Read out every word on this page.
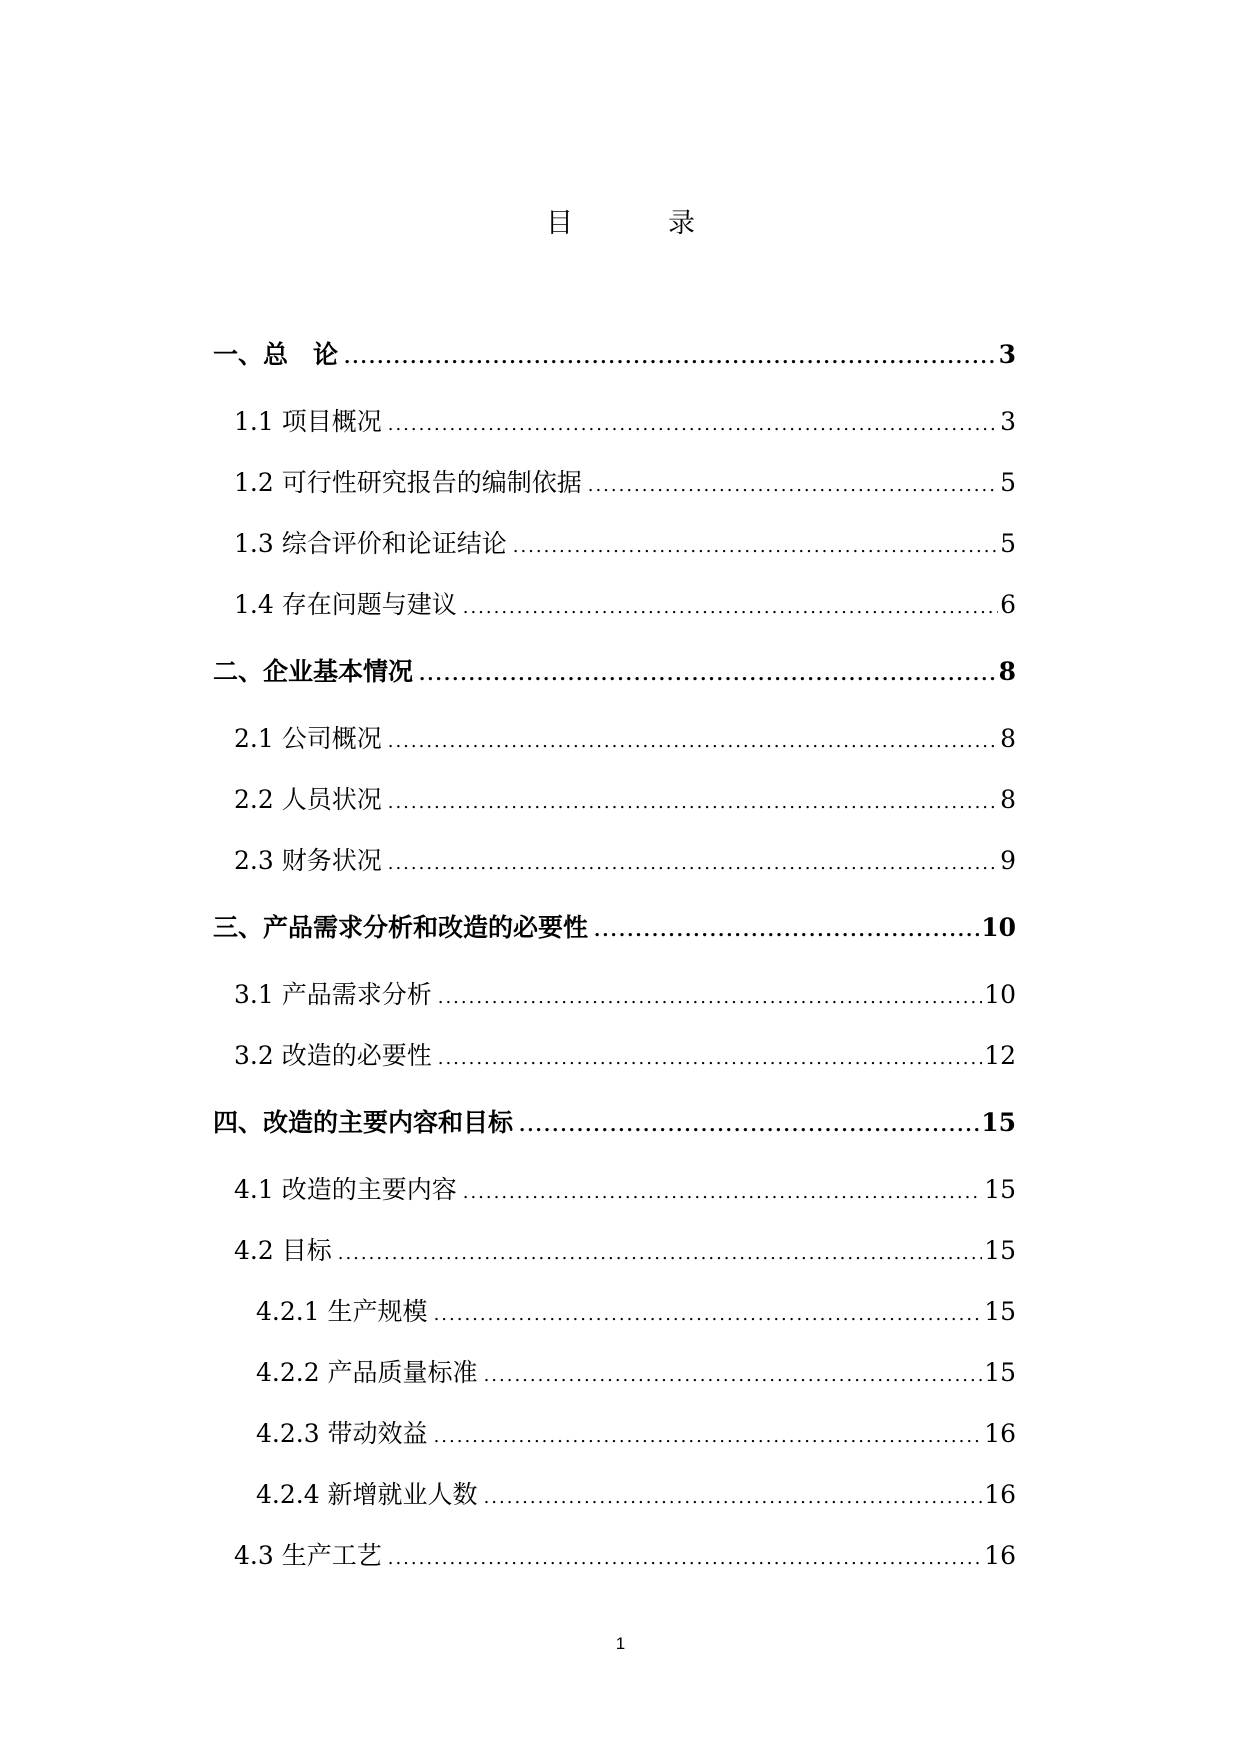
目　录
一、总　论 .....	3
1.1 项目概况 .....	3
1.2 可行性研究报告的编制依据 .....	5
1.3 综合评价和论证结论 .....	5
1.4 存在问题与建议 .....	6
二、企业基本情况 .....	8
2.1 公司概况 .....	8
2.2 人员状况 .....	8
2.3 财务状况 .....	9
三、产品需求分析和改造的必要性 .....	10
3.1 产品需求分析 .....	10
3.2 改造的必要性 .....	12
四、改造的主要内容和目标 .....	15
4.1 改造的主要内容 .....	15
4.2 目标 .....	15
4.2.1 生产规模 .....	15
4.2.2 产品质量标准 .....	15
4.2.3 带动效益 .....	16
4.2.4 新增就业人数 .....	16
4.3 生产工艺 .....	16
1
